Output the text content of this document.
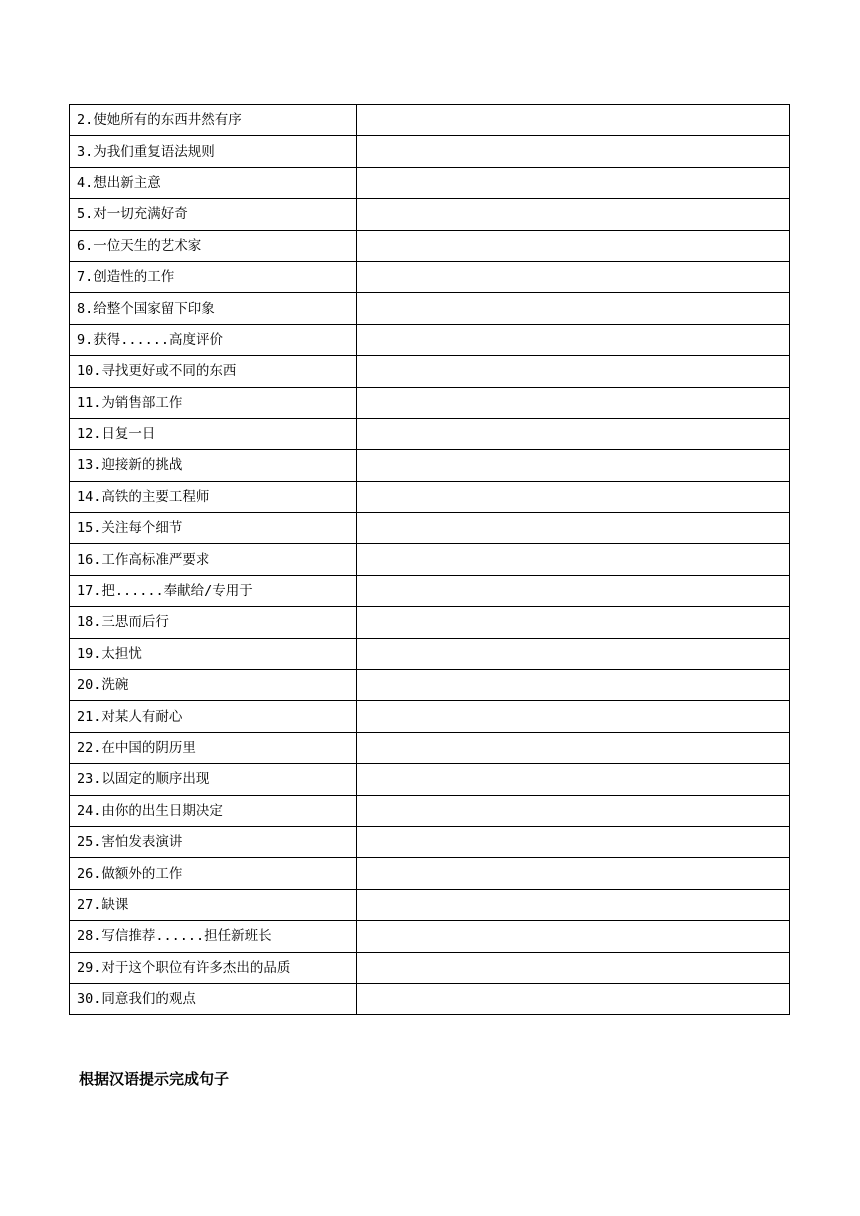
2.使她所有的东西井然有序	
3.为我们重复语法规则	
4.想出新主意	
5.对一切充满好奇	
6.一位天生的艺术家	
7.创造性的工作	
8.给整个国家留下印象	
9.获得......高度评价	
10.寻找更好或不同的东西	
11.为销售部工作	
12.日复一日	
13.迎接新的挑战	
14.高铁的主要工程师	
15.关注每个细节	
16.工作高标准严要求	
17.把......奉献给/专用于	
18.三思而后行	
19.太担忧	
20.洗碗	
21.对某人有耐心	
22.在中国的阴历里	
23.以固定的顺序出现	
24.由你的出生日期决定	
25.害怕发表演讲	
26.做额外的工作	
27.缺课	
28.写信推荐......担任新班长	
29.对于这个职位有许多杰出的品质	
30.同意我们的观点	
根据汉语提示完成句子
